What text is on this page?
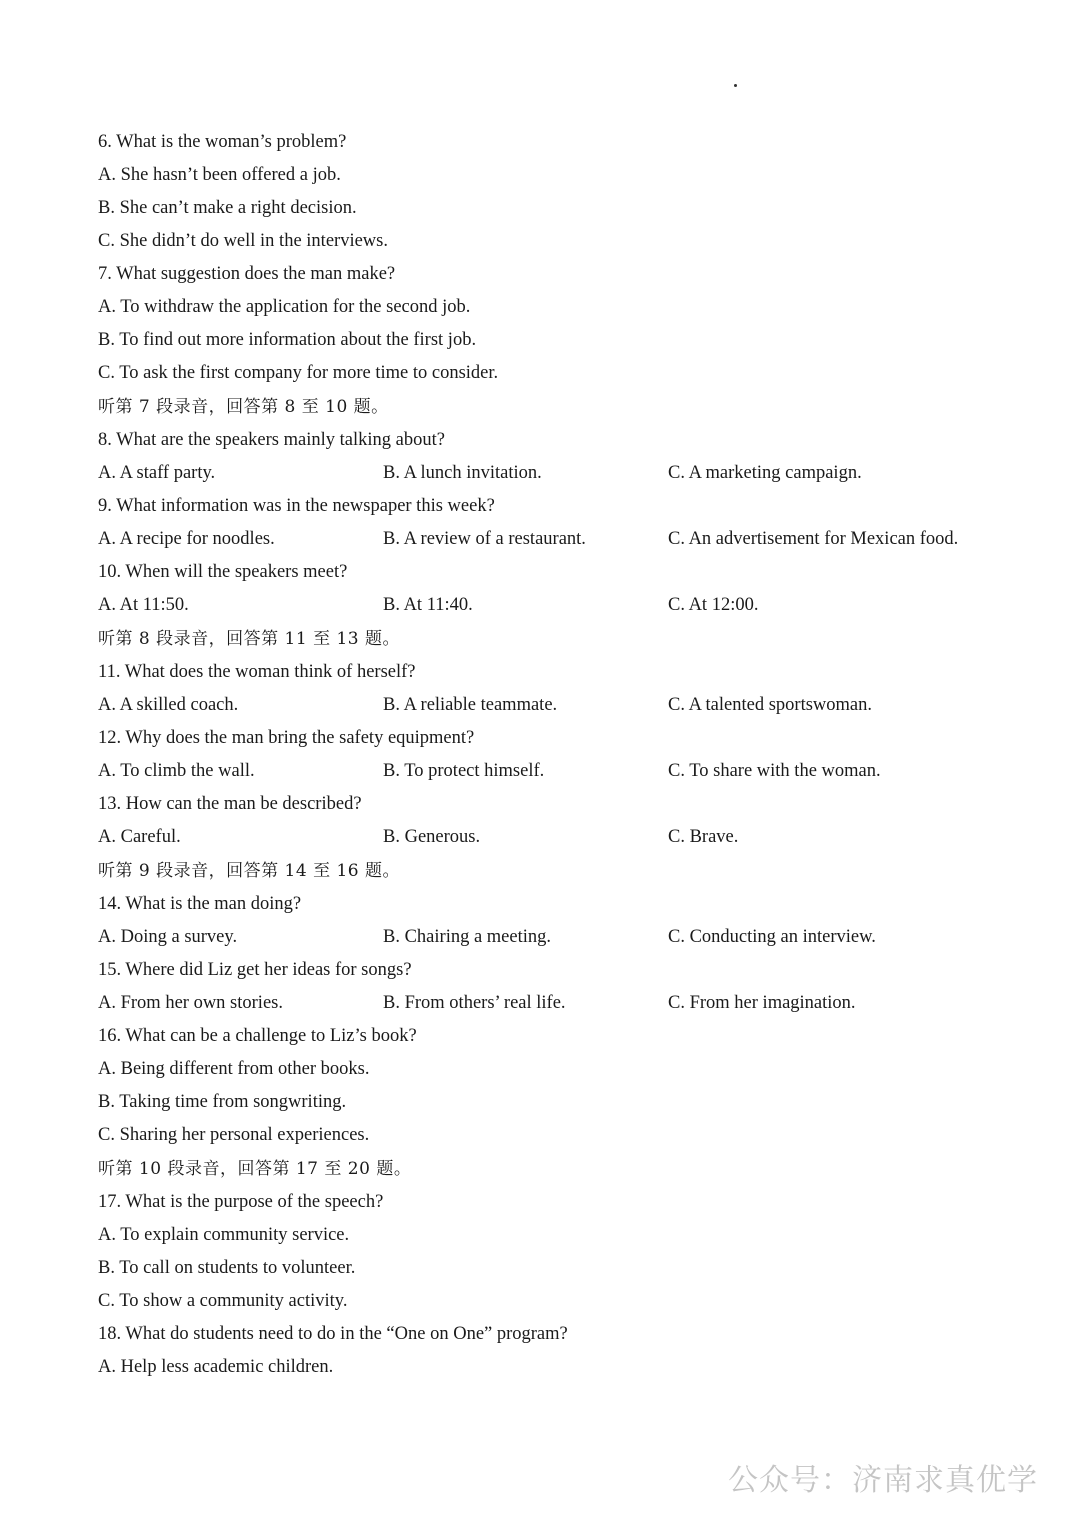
6. What is the woman’s problem?
A. She hasn’t been offered a job.
B. She can’t make a right decision.
C. She didn’t do well in the interviews.
7. What suggestion does the man make?
A. To withdraw the application for the second job.
B. To find out more information about the first job.
C. To ask the first company for more time to consider.
听第 7 段录音，回答第 8 至 10 题。
8. What are the speakers mainly talking about?
A. A staff party.	B. A lunch invitation.	C. A marketing campaign.
9. What information was in the newspaper this week?
A. A recipe for noodles.	B. A review of a restaurant.	C. An advertisement for Mexican food.
10. When will the speakers meet?
A. At 11:50.	B. At 11:40.	C. At 12:00.
听第 8 段录音，回答第 11 至 13 题。
11. What does the woman think of herself?
A. A skilled coach.	B. A reliable teammate.	C. A talented sportswoman.
12. Why does the man bring the safety equipment?
A. To climb the wall.	B. To protect himself.	C. To share with the woman.
13. How can the man be described?
A. Careful.	B. Generous.	C. Brave.
听第 9 段录音，回答第 14 至 16 题。
14. What is the man doing?
A. Doing a survey.	B. Chairing a meeting.	C. Conducting an interview.
15. Where did Liz get her ideas for songs?
A. From her own stories.	B. From others’ real life.	C. From her imagination.
16. What can be a challenge to Liz’s book?
A. Being different from other books.
B. Taking time from songwriting.
C. Sharing her personal experiences.
听第 10 段录音，回答第 17 至 20 题。
17. What is the purpose of the speech?
A. To explain community service.
B. To call on students to volunteer.
C. To show a community activity.
18. What do students need to do in the “One on One” program?
A. Help less academic children.
公众号：济南求真优学
